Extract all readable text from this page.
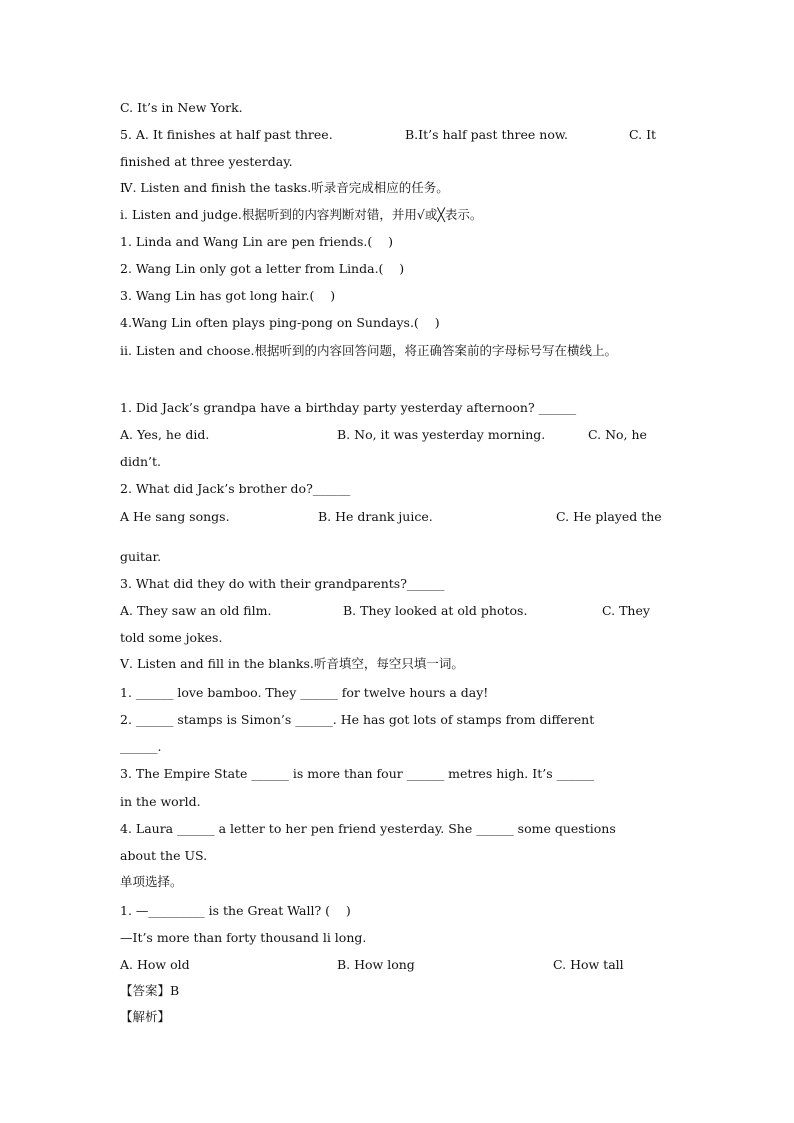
C. It’s in New York.
5. A. It finishes at half past three.	B.It’s half past three now.	C. It
finished at three yesterday.
Ⅳ. Listen and finish the tasks.听录音完成相应的任务。
i. Listen and judge.根据听到的内容判断对错，并用√或╳表示。
1. Linda and Wang Lin are pen friends.(    )
2. Wang Lin only got a letter from Linda.(    )
3. Wang Lin has got long hair.(    )
4.Wang Lin often plays ping-pong on Sundays.(    )
ii. Listen and choose.根据听到的内容回答问题，将正确答案前的字母标号写在横线上。
1. Did Jack’s grandpa have a birthday party yesterday afternoon? ______
A. Yes, he did.	B. No, it was yesterday morning.	C. No, he
didn’t.
2. What did Jack’s brother do?______
A He sang songs.	B. He drank juice.	C. He played the
guitar.
3. What did they do with their grandparents?______
A. They saw an old film.	B. They looked at old photos.	C. They
told some jokes.
Ⅴ. Listen and fill in the blanks.听音填空，每空只填一词。
1. ______ love bamboo. They ______ for twelve hours a day!
2. ______ stamps is Simon’s ______. He has got lots of stamps from different
______.
3. The Empire State ______ is more than four ______ metres high. It’s ______
in the world.
4. Laura ______ a letter to her pen friend yesterday. She ______ some questions
about the US.
单项选择。
1. —_________ is the Great Wall? (    )
—It’s more than forty thousand li long.
A. How old	B. How long	C. How tall
【答案】B
【解析】
